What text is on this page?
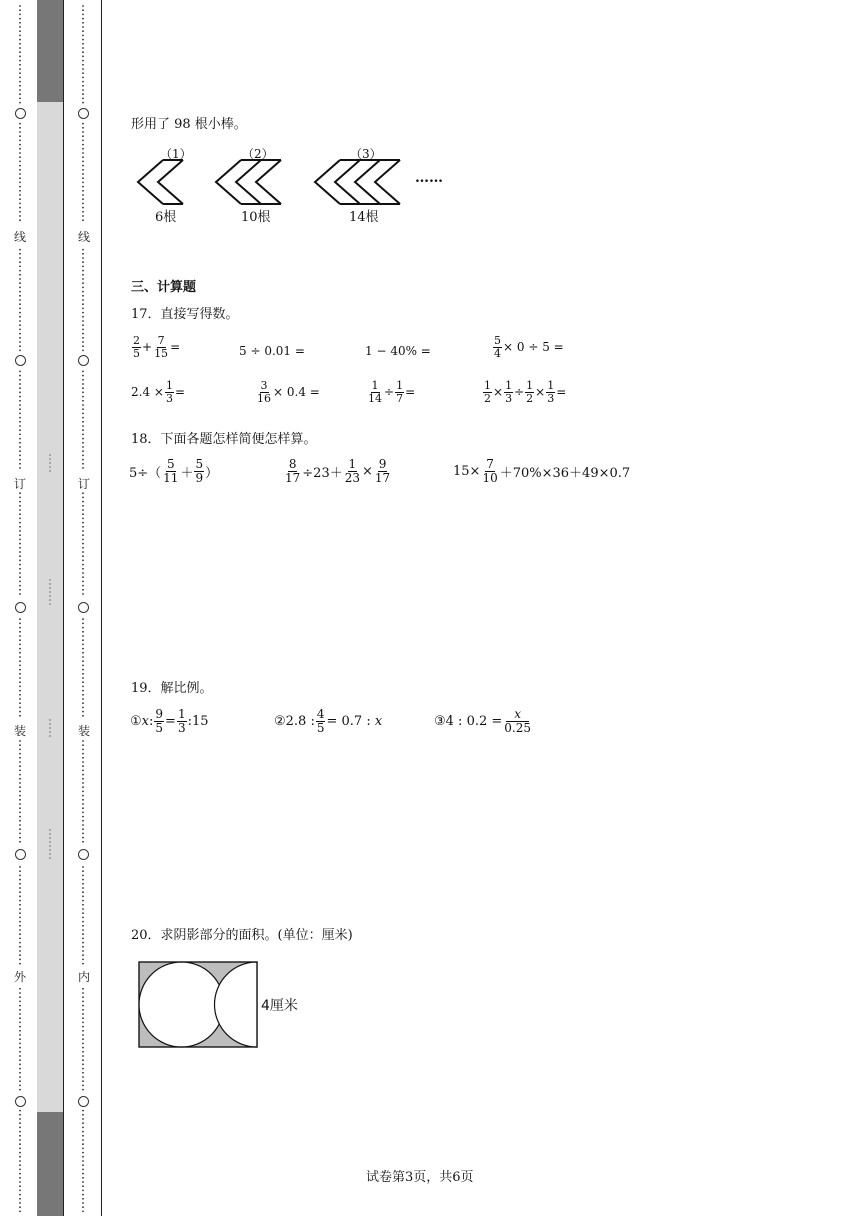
线
订
装
外
线
订
装
内
形用了 98 根小棒。
（1）	（2）	（3）
6根	10根	14根
……
三、计算题
17．直接写得数。
$\frac{2}{5} + \frac{7}{15}$ =	5 ÷ 0.01 =	1 − 40% =	$\frac{5}{4} \times 0 \div 5$ =
$2.4 \times \frac{1}{3}$ =	$\frac{3}{16} \times 0.4$ =	$\frac{1}{14} \div \frac{1}{7}$ =	$\frac{1}{2} \times \frac{1}{3} \div \frac{1}{2} \times \frac{1}{3}$ =
18．下面各题怎样简便怎样算。
$5\div( \frac{5}{11} + \frac{5}{9}$ ）	$\frac{8}{17} \div 23+ \frac{1}{23} \times \frac{9}{17}$	$15\times \frac{7}{10} +70\%\times 36+49\times 0.7$
19．解比例。
① x : $\frac{9}{5} = \frac{1}{3}$ :15	②2.8 : $\frac{4}{5} = 0.7$ :
x	③4 : $0.2 = \frac{x}{0.25}$
20．求阴影部分的面积。(单位：厘米)
4厘米
试卷第3页，共6页
